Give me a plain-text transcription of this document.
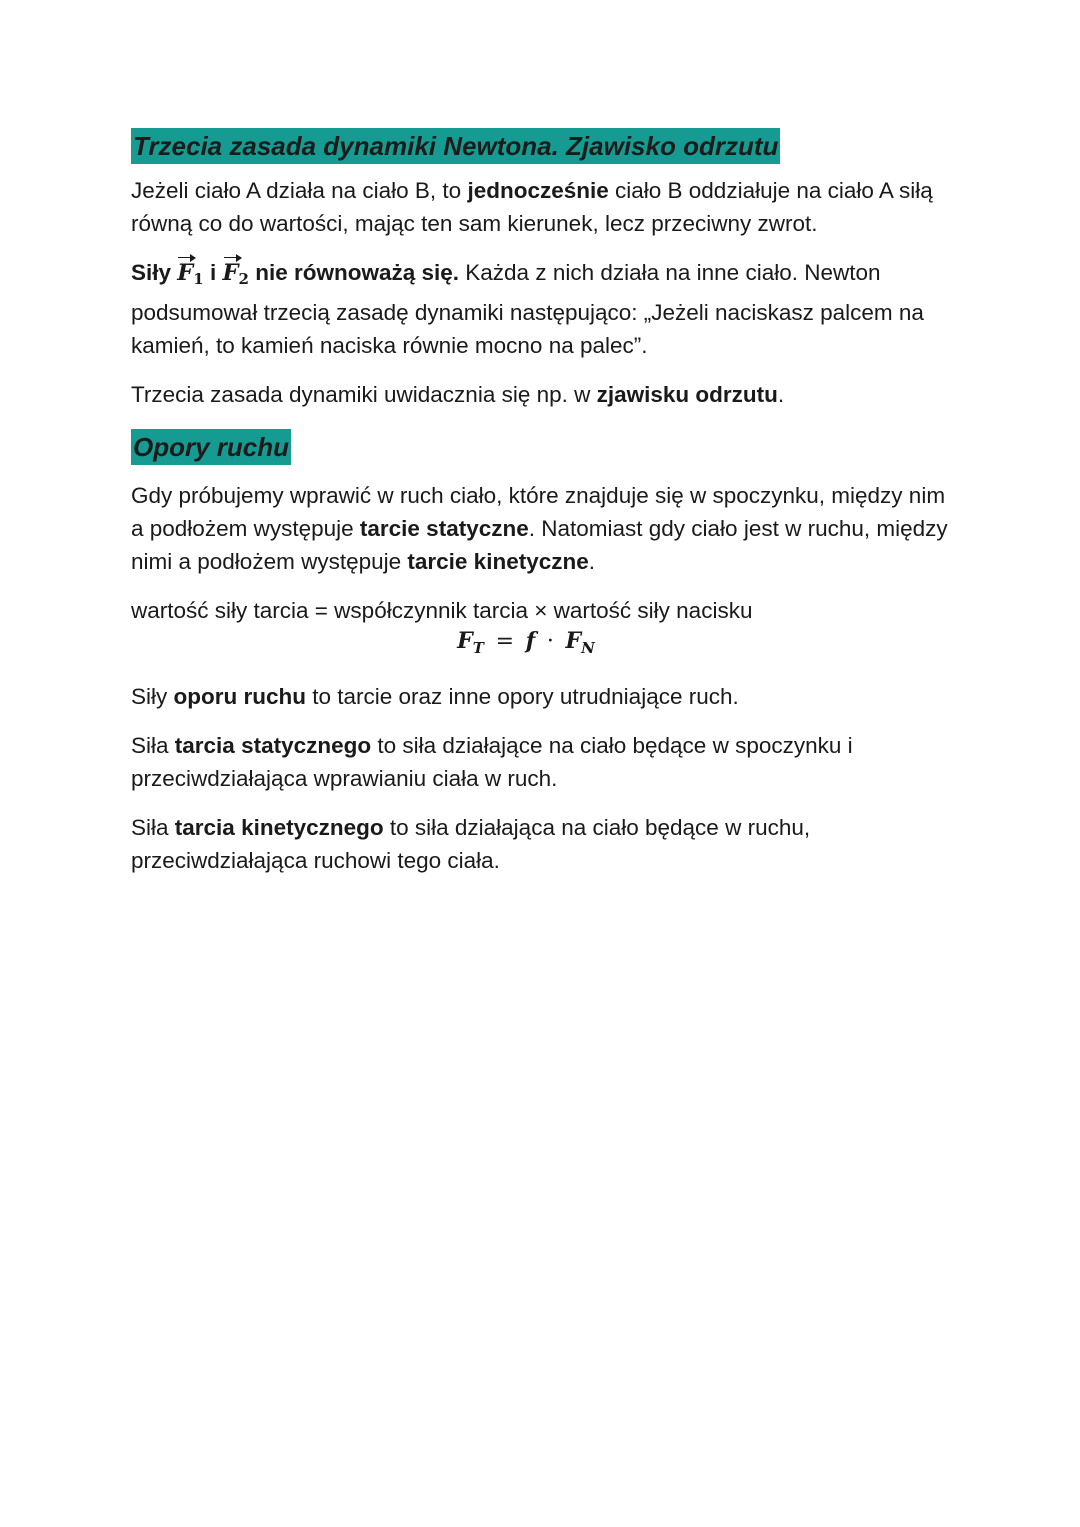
Trzecia zasada dynamiki Newtona. Zjawisko odrzutu

Jeżeli ciało A działa na ciało B, to jednocześnie ciało B oddziałuje na ciało A siłą równą co do wartości, mając ten sam kierunek, lecz przeciwny zwrot.

Siły $F_1$ i $F_2$ nie równoważą się. Każda z nich działa na inne ciało. Newton podsumował trzecią zasadę dynamiki następująco: „Jeżeli naciskasz palcem na kamień, to kamień naciska równie mocno na palec”.

Trzecia zasada dynamiki uwidacznia się np. w zjawisku odrzutu.

Opory ruchu

Gdy próbujemy wprawić w ruch ciało, które znajduje się w spoczynku, między nim a podłożem występuje tarcie statyczne. Natomiast gdy ciało jest w ruchu, między nimi a podłożem występuje tarcie kinetyczne.

wartość siły tarcia = współczynnik tarcia × wartość siły nacisku

$F_T = f \cdot F_N$

Siły oporu ruchu to tarcie oraz inne opory utrudniające ruch.

Siła tarcia statycznego to siła działające na ciało będące w spoczynku i przeciwdziałająca wprawianiu ciała w ruch.

Siła tarcia kinetycznego to siła działająca na ciało będące w ruchu, przeciwdziałająca ruchowi tego ciała.
